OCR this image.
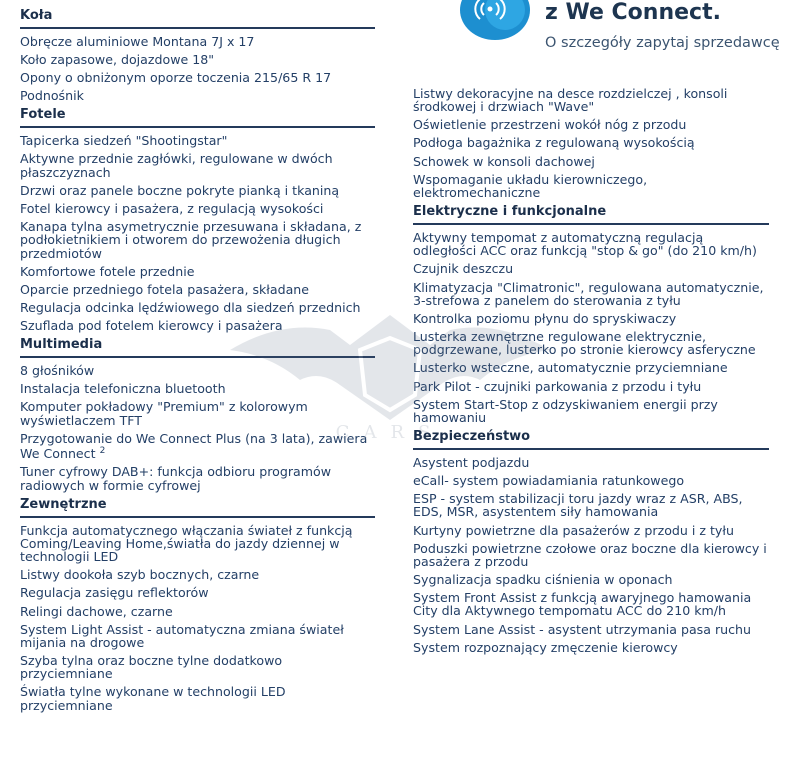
z We Connect.
O szczegóły zapytaj sprzedawcę
Koła
Obręcze aluminiowe Montana 7J x 17
Koło zapasowe, dojazdowe 18"
Opony o obniżonym oporze toczenia 215/65 R 17
Podnośnik
Fotele
Tapicerka siedzeń "Shootingstar"
Aktywne przednie zagłówki, regulowane w dwóch płaszczyznach
Drzwi oraz panele boczne pokryte pianką i tkaniną
Fotel kierowcy i pasażera, z regulacją wysokości
Kanapa tylna asymetrycznie przesuwana i składana, z podłokietnikiem i otworem do przewożenia długich przedmiotów
Komfortowe fotele przednie
Oparcie przedniego fotela pasażera, składane
Regulacja odcinka lędźwiowego dla siedzeń przednich
Szuflada pod fotelem kierowcy i pasażera
Multimedia
8 głośników
Instalacja telefoniczna bluetooth
Komputer pokładowy "Premium" z kolorowym wyświetlaczem TFT
Przygotowanie do We Connect Plus (na 3 lata), zawiera We Connect $^2$
Tuner cyfrowy DAB+: funkcja odbioru programów radiowych w formie cyfrowej
Zewnętrzne
Funkcja automatycznego włączania świateł z funkcją Coming/Leaving Home,światła do jazdy dziennej w technologii LED
Listwy dookoła szyb bocznych, czarne
Regulacja zasięgu reflektorów
Relingi dachowe, czarne
System Light Assist - automatyczna zmiana świateł mijania na drogowe
Szyba tylna oraz boczne tylne dodatkowo przyciemniane
Światła tylne wykonane w technologii LED przyciemniane
Listwy dekoracyjne na desce rozdzielczej , konsoli środkowej i drzwiach "Wave"
Oświetlenie przestrzeni wokół nóg z przodu
Podłoga bagażnika z regulowaną wysokością
Schowek w konsoli dachowej
Wspomaganie układu kierowniczego, elektromechaniczne
Elektryczne i funkcjonalne
Aktywny tempomat z automatyczną regulacją odległości ACC oraz funkcją "stop & go" (do 210 km/h)
Czujnik deszczu
Klimatyzacja "Climatronic", regulowana automatycznie, 3-strefowa z panelem do sterowania z tyłu
Kontrolka poziomu płynu do spryskiwaczy
Lusterka zewnętrzne regulowane elektrycznie, podgrzewane, lusterko po stronie kierowcy asferyczne
Lusterko wsteczne, automatycznie przyciemniane
Park Pilot - czujniki parkowania z przodu i tyłu
System Start-Stop z odzyskiwaniem energii przy hamowaniu
Bezpieczeństwo
Asystent podjazdu
eCall- system powiadamiania ratunkowego
ESP - system stabilizacji toru jazdy wraz z ASR, ABS, EDS, MSR, asystentem siły hamowania
Kurtyny powietrzne dla pasażerów z przodu i z tyłu
Poduszki powietrzne czołowe oraz boczne dla kierowcy i pasażera z przodu
Sygnalizacja spadku ciśnienia w oponach
System Front Assist z funkcją awaryjnego hamowania City dla Aktywnego tempomatu ACC do 210 km/h
System Lane Assist - asystent utrzymania pasa ruchu
System rozpoznający zmęczenie kierowcy
CARS
